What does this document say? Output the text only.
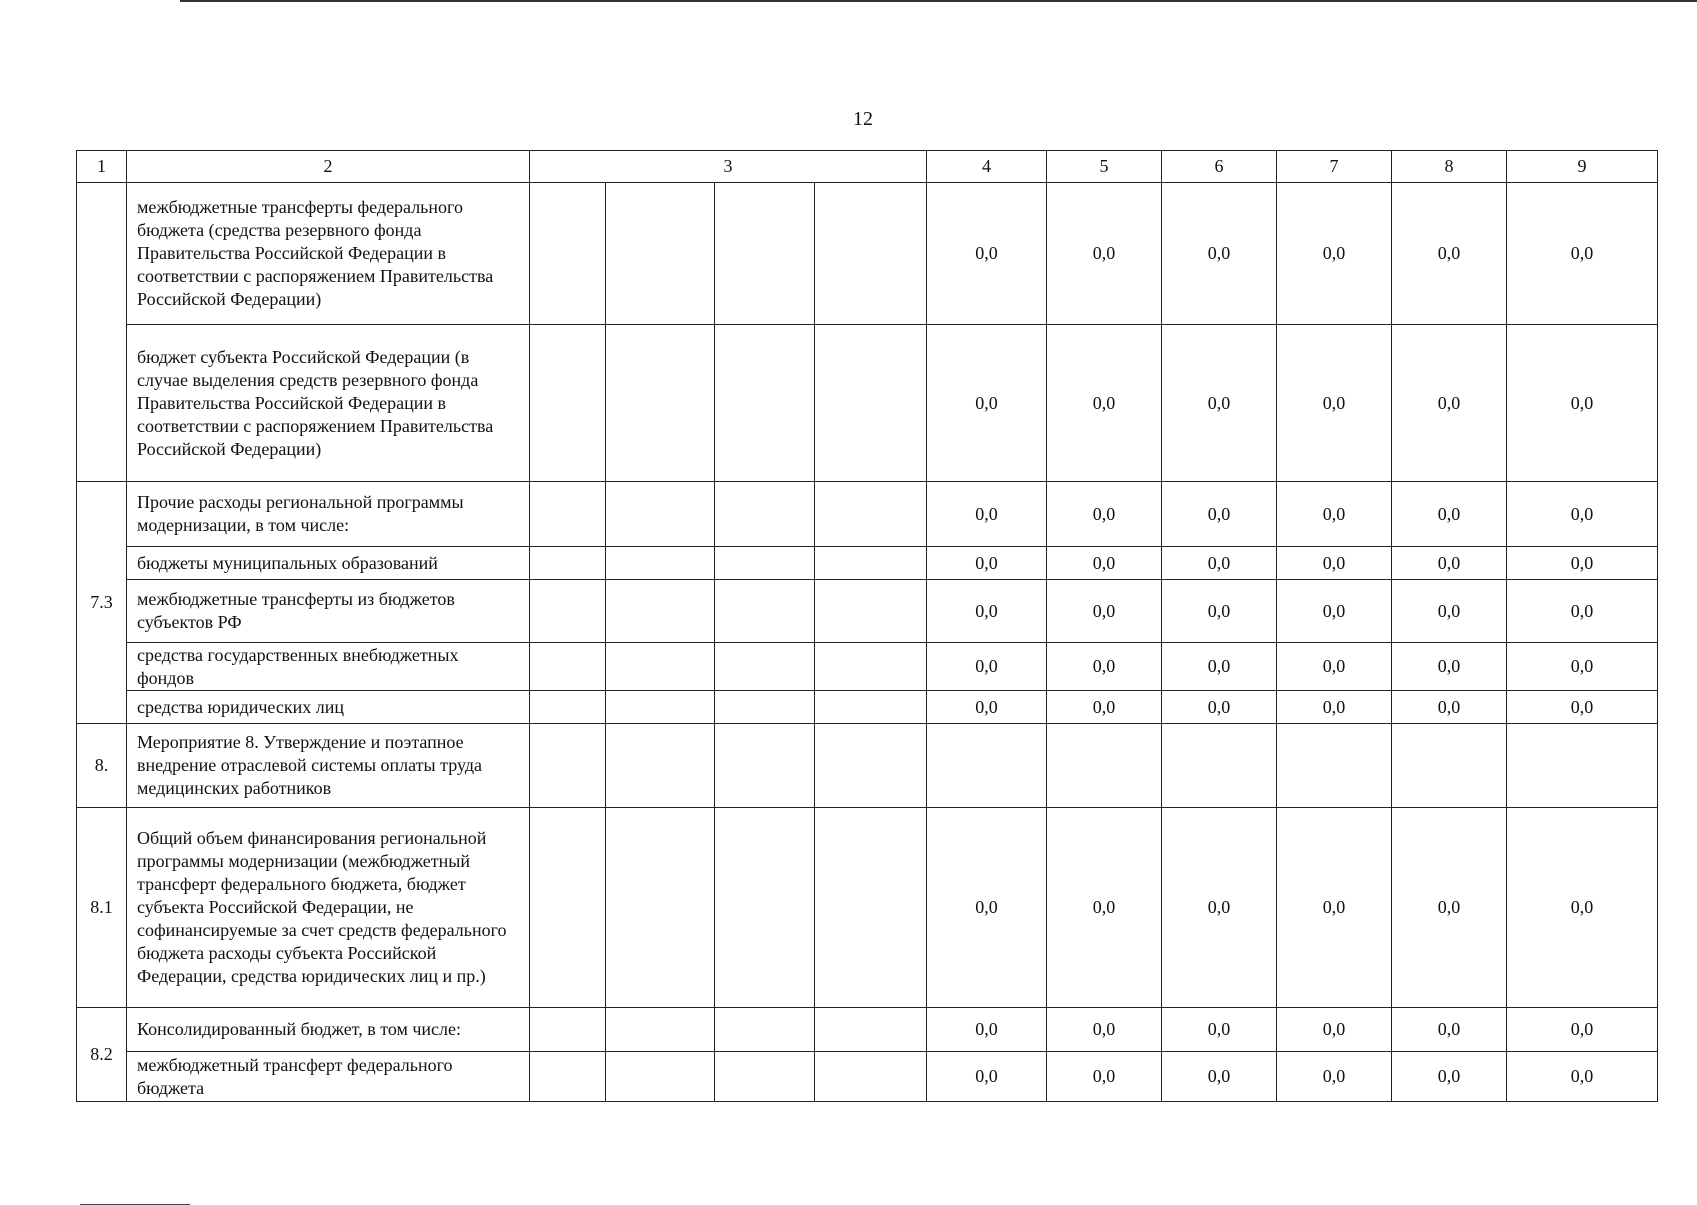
12
1	2	3				4	5	6	7	8	9
	межбюджетные трансферты федерального бюджета (средства резервного фонда Правительства Российской Федерации в соответствии с распоряжением Правительства Российской Федерации)					0,0	0,0	0,0	0,0	0,0	0,0
	бюджет субъекта Российской Федерации (в случае выделения средств резервного фонда Правительства Российской Федерации в соответствии с распоряжением Правительства Российской Федерации)					0,0	0,0	0,0	0,0	0,0	0,0
7.3	Прочие расходы региональной программы модернизации, в том числе:					0,0	0,0	0,0	0,0	0,0	0,0
	бюджеты муниципальных образований					0,0	0,0	0,0	0,0	0,0	0,0
	межбюджетные трансферты из бюджетов субъектов РФ					0,0	0,0	0,0	0,0	0,0	0,0
	средства государственных внебюджетных фондов					0,0	0,0	0,0	0,0	0,0	0,0
	средства юридических лиц					0,0	0,0	0,0	0,0	0,0	0,0
8.	Мероприятие 8. Утверждение и поэтапное внедрение отраслевой системы оплаты труда медицинских работников										
8.1	Общий объем финансирования региональной программы модернизации (межбюджетный трансферт федерального бюджета, бюджет субъекта Российской Федерации, не софинансируемые за счет средств федерального бюджета расходы субъекта Российской Федерации, средства юридических лиц и пр.)					0,0	0,0	0,0	0,0	0,0	0,0
8.2	Консолидированный бюджет, в том числе:					0,0	0,0	0,0	0,0	0,0	0,0
	межбюджетный трансферт федерального бюджета					0,0	0,0	0,0	0,0	0,0	0,0
